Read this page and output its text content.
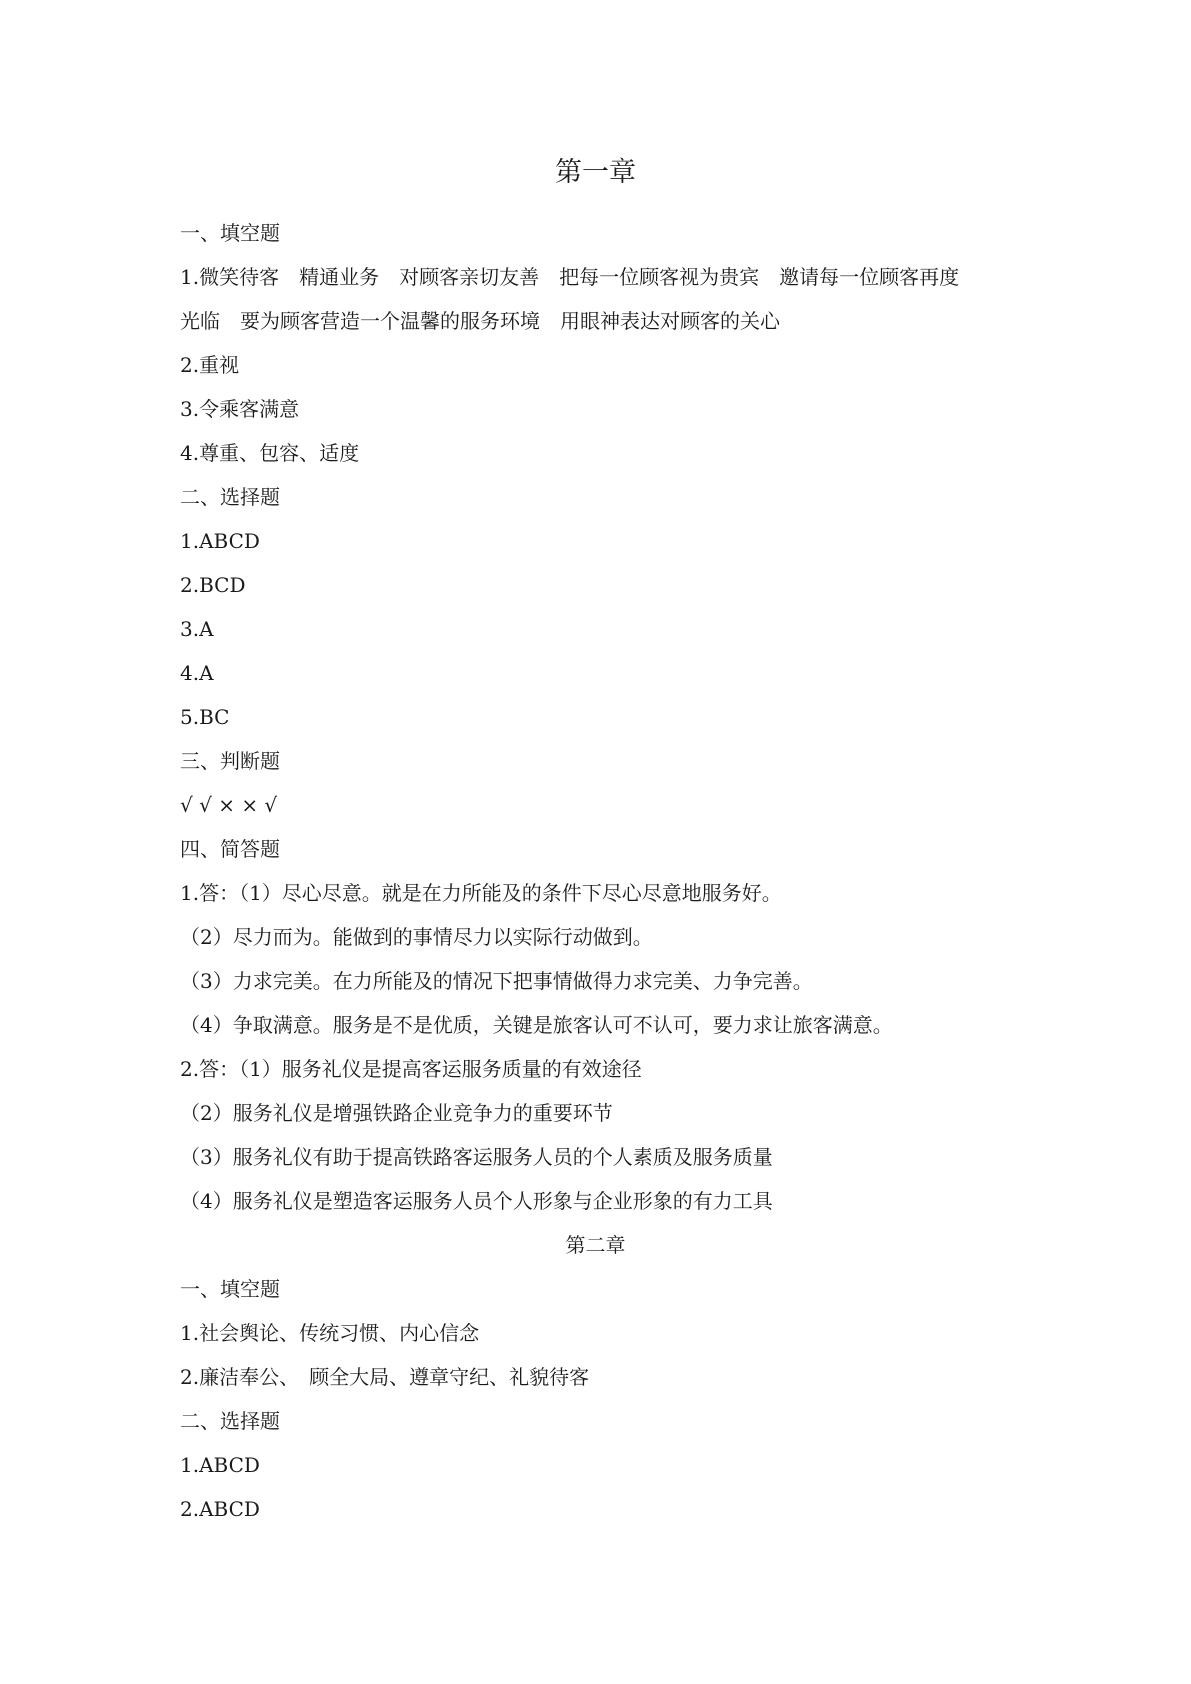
第一章
一、填空题
1.微笑待客　精通业务　对顾客亲切友善　把每一位顾客视为贵宾　邀请每一位顾客再度
光临　要为顾客营造一个温馨的服务环境　用眼神表达对顾客的关心
2.重视
3.令乘客满意
4.尊重、包容、适度
二、选择题
1.ABCD
2.BCD
3.A
4.A
5.BC
三、判断题
√ √ × × √
四、简答题
1.答：（1）尽心尽意。就是在力所能及的条件下尽心尽意地服务好。
（2）尽力而为。能做到的事情尽力以实际行动做到。
（3）力求完美。在力所能及的情况下把事情做得力求完美、力争完善。
（4）争取满意。服务是不是优质，关键是旅客认可不认可，要力求让旅客满意。
2.答：（1）服务礼仪是提高客运服务质量的有效途径
（2）服务礼仪是增强铁路企业竞争力的重要环节
（3）服务礼仪有助于提高铁路客运服务人员的个人素质及服务质量
（4）服务礼仪是塑造客运服务人员个人形象与企业形象的有力工具
第二章
一、填空题
1.社会舆论、传统习惯、内心信念
2.廉洁奉公、　顾全大局、遵章守纪、礼貌待客
二、选择题
1.ABCD
2.ABCD
